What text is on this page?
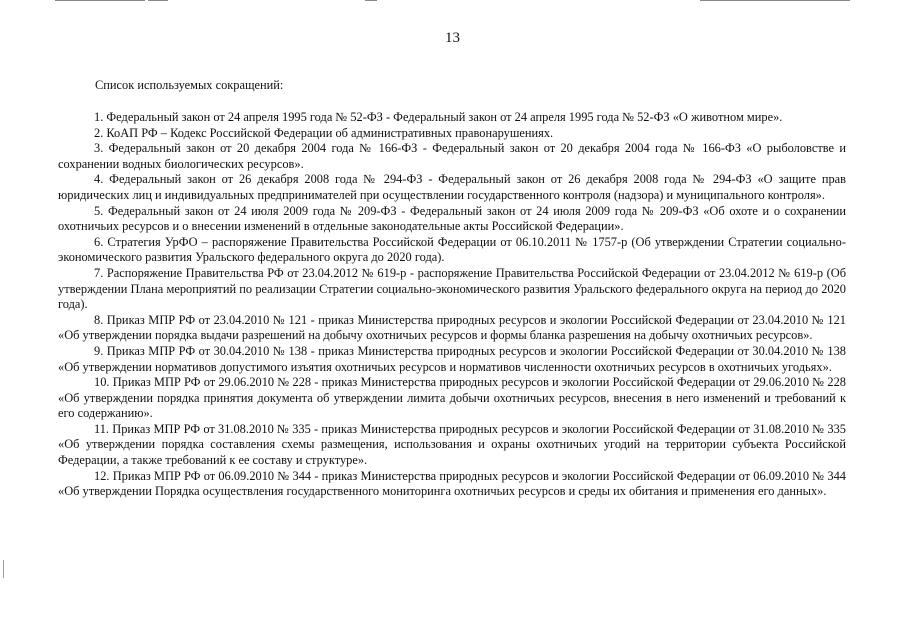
13
Список используемых сокращений:

1. Федеральный закон от 24 апреля 1995 года № 52-ФЗ - Федеральный закон от 24 апреля 1995 года № 52-ФЗ «О животном мире».

2. КоАП РФ – Кодекс Российской Федерации об административных правонарушениях.

3. Федеральный закон от 20 декабря 2004 года № 166-ФЗ - Федеральный закон от 20 декабря 2004 года № 166-ФЗ «О рыболовстве и сохранении водных биологических ресурсов».

4. Федеральный закон от 26 декабря 2008 года № 294-ФЗ - Федеральный закон от 26 декабря 2008 года № 294-ФЗ «О защите прав юридических лиц и индивидуальных предпринимателей при осуществлении государственного контроля (надзора) и муниципального контроля».

5. Федеральный закон от 24 июля 2009 года № 209-ФЗ - Федеральный закон от 24 июля 2009 года № 209-ФЗ «Об охоте и о сохранении охотничьих ресурсов и о внесении изменений в отдельные законодательные акты Российской Федерации».

6. Стратегия УрФО – распоряжение Правительства Российской Федерации от 06.10.2011 № 1757-р (Об утверждении Стратегии социально-экономического развития Уральского федерального округа до 2020 года).

7. Распоряжение Правительства РФ от 23.04.2012 № 619-р - распоряжение Правительства Российской Федерации от 23.04.2012 № 619-р (Об утверждении Плана мероприятий по реализации Стратегии социально-экономического развития Уральского федерального округа на период до 2020 года).

8. Приказ МПР РФ от 23.04.2010 № 121 - приказ Министерства природных ресурсов и экологии Российской Федерации от 23.04.2010 № 121 «Об утверждении порядка выдачи разрешений на добычу охотничьих ресурсов и формы бланка разрешения на добычу охотничьих ресурсов».

9. Приказ МПР РФ от 30.04.2010 № 138 - приказ Министерства природных ресурсов и экологии Российской Федерации от 30.04.2010 № 138 «Об утверждении нормативов допустимого изъятия охотничьих ресурсов и нормативов численности охотничьих ресурсов в охотничьих угодьях».

10. Приказ МПР РФ от 29.06.2010 № 228 - приказ Министерства природных ресурсов и экологии Российской Федерации от 29.06.2010 № 228 «Об утверждении порядка принятия документа об утверждении лимита добычи охотничьих ресурсов, внесения в него изменений и требований к его содержанию».

11. Приказ МПР РФ от 31.08.2010 № 335 - приказ Министерства природных ресурсов и экологии Российской Федерации от 31.08.2010 № 335 «Об утверждении порядка составления схемы размещения, использования и охраны охотничьих угодий на территории субъекта Российской Федерации, а также требований к ее составу и структуре».

12. Приказ МПР РФ от 06.09.2010 № 344 - приказ Министерства природных ресурсов и экологии Российской Федерации от 06.09.2010 № 344 «Об утверждении Порядка осуществления государственного мониторинга охотничьих ресурсов и среды их обитания и применения его данных».
